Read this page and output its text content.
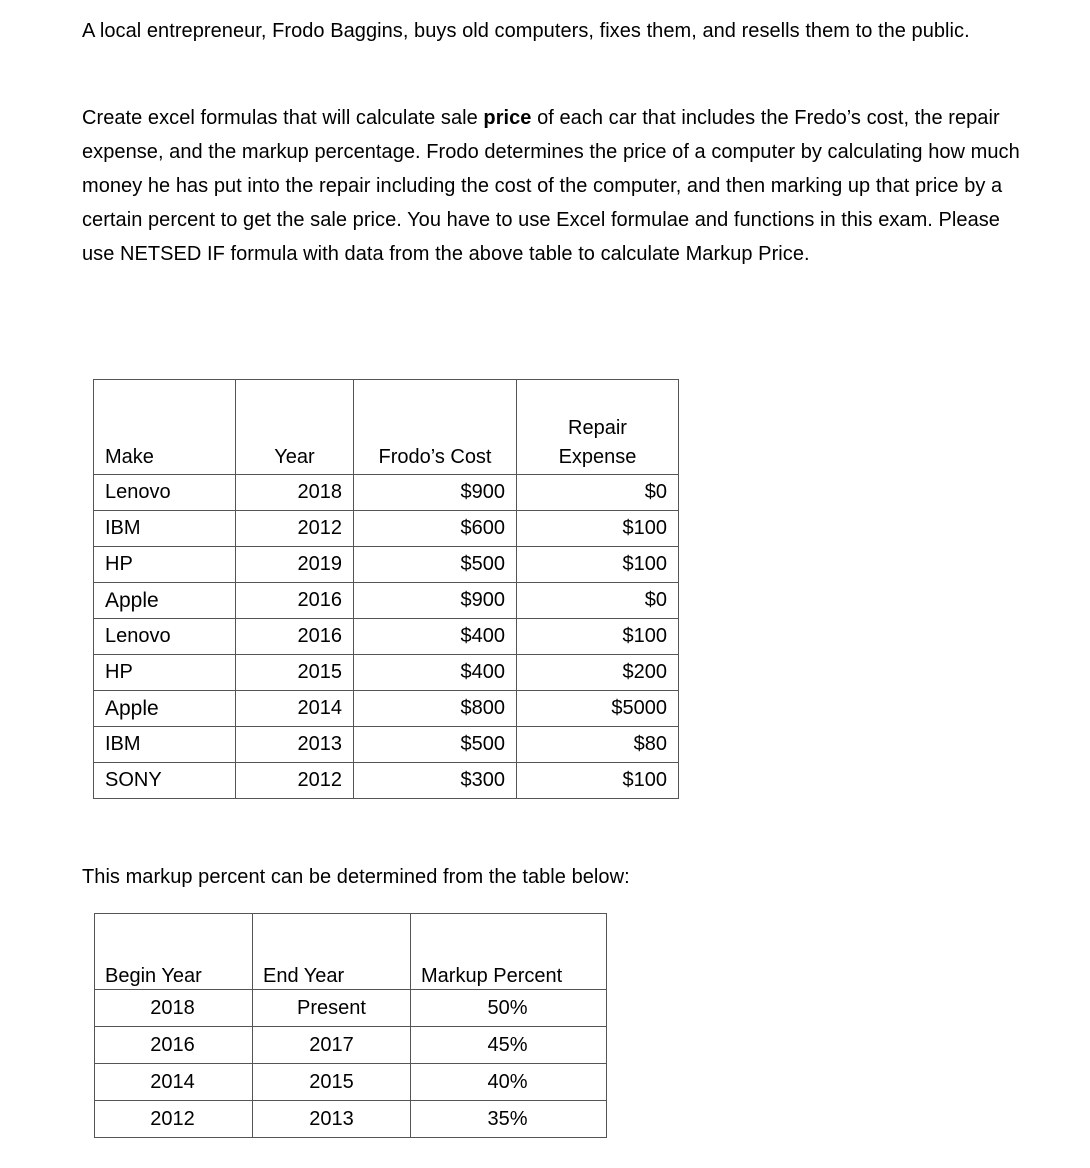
A local entrepreneur, Frodo Baggins, buys old computers, fixes them, and resells them to the public.

Create excel formulas that will calculate sale price of each car that includes the Fredo’s cost, the repair expense, and the markup percentage. Frodo determines the price of a computer by calculating how much money he has put into the repair including the cost of the computer, and then marking up that price by a certain percent to get the sale price. You have to use Excel formulae and functions in this exam. Please use NETSED IF formula with data from the above table to calculate Markup Price.

Make	Year	Frodo’s Cost	Repair
Expense
Lenovo	2018	$900	$0
IBM	2012	$600	$100
HP	2019	$500	$100
Apple	2016	$900	$0
Lenovo	2016	$400	$100
HP	2015	$400	$200
Apple	2014	$800	$5000
IBM	2013	$500	$80
SONY	2012	$300	$100

This markup percent can be determined from the table below:

Begin Year	End Year	Markup Percent
2018	Present	50%
2016	2017	45%
2014	2015	40%
2012	2013	35%
